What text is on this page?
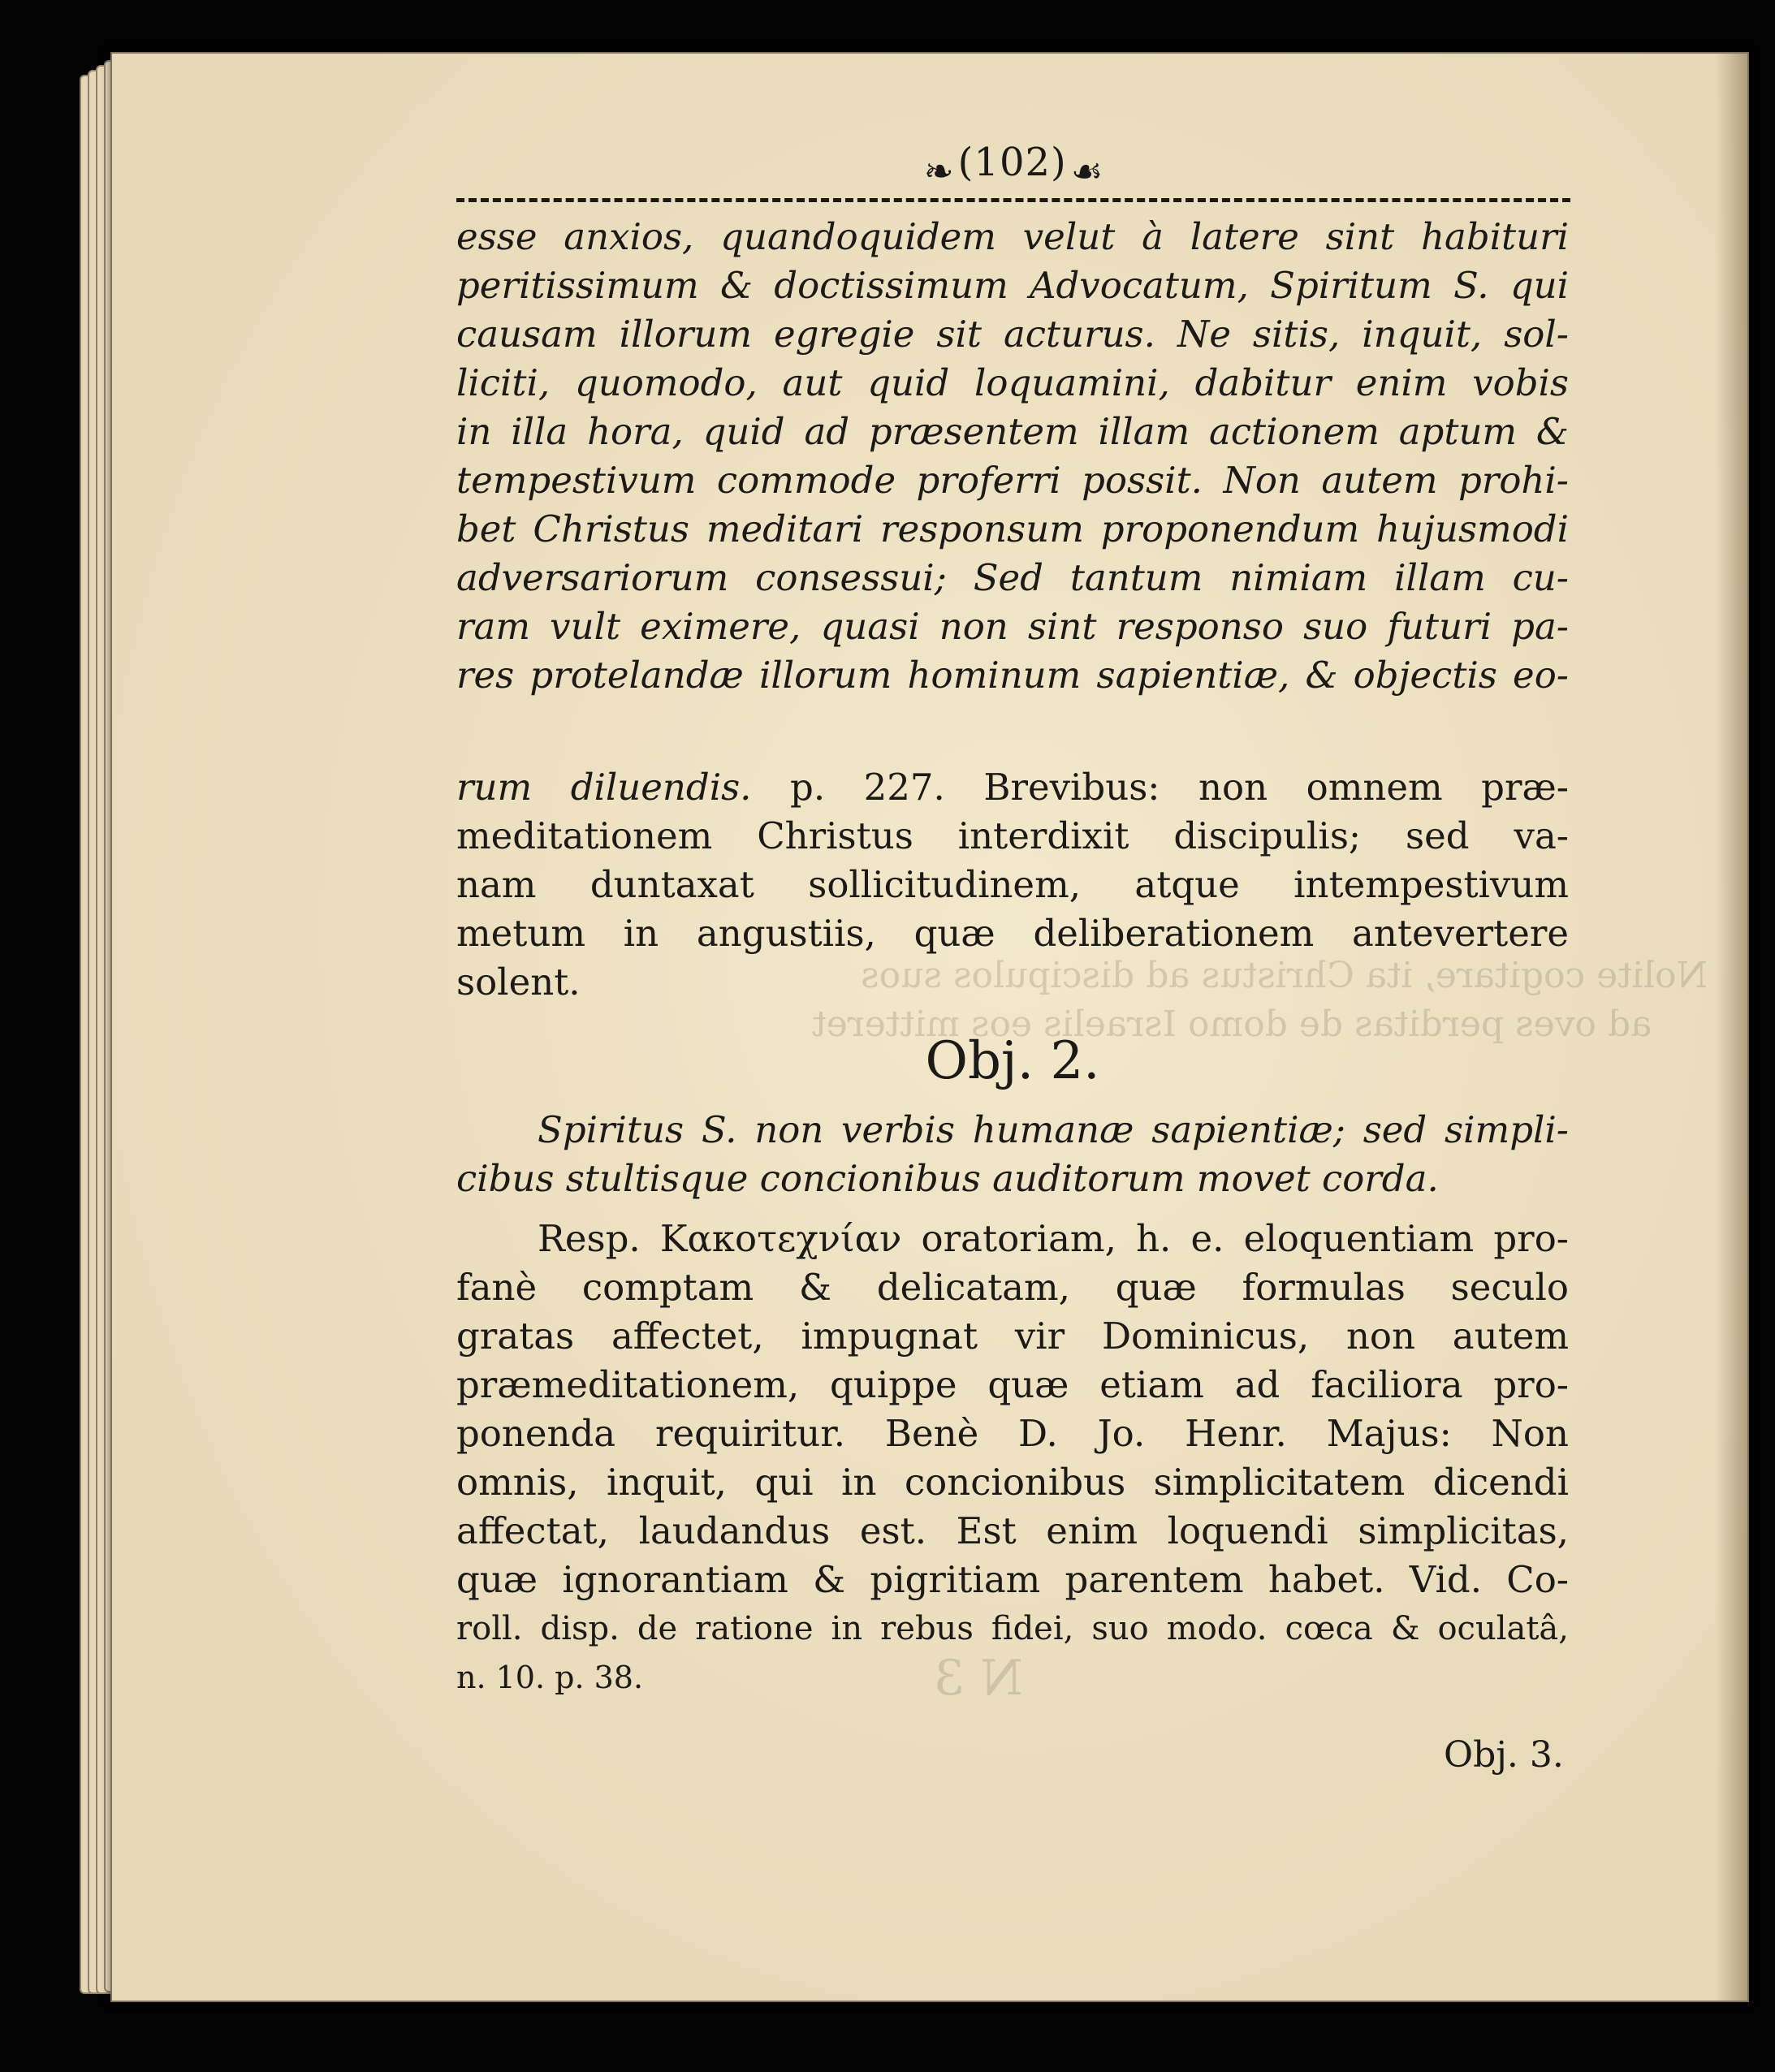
Nolite cogitare, ita Christus ad discipulos suos
ad oves perditas de domo Israelis eos mitteret
N 3
❧ (102) ☙
esse anxios, quandoquidem velut à latere sint habituri
peritissimum & doctissimum Advocatum, Spiritum S. qui
causam illorum egregie sit acturus. Ne sitis, inquit, sol-
liciti, quomodo, aut quid loquamini, dabitur enim vobis
in illa hora, quid ad præsentem illam actionem aptum &
tempestivum commode proferri possit. Non autem prohi-
bet Christus meditari responsum proponendum hujusmodi
adversariorum consessui; Sed tantum nimiam illam cu-
ram vult eximere, quasi non sint responso suo futuri pa-
res protelandæ illorum hominum sapientiæ, & objectis eo-
rum diluendis. p. 227. Brevibus: non omnem præ-
meditationem Christus interdixit discipulis; sed va-
nam duntaxat sollicitudinem, atque intempestivum
metum in angustiis, quæ deliberationem antevertere
solent.
Obj. 2.
Spiritus S. non verbis humanæ sapientiæ; sed simpli-
cibus stultisque concionibus auditorum movet corda.
Resp. Κακοτεχνίαν oratoriam, h. e. eloquentiam pro-
fanè comptam & delicatam, quæ formulas seculo
gratas affectet, impugnat vir Dominicus, non autem
præmeditationem, quippe quæ etiam ad faciliora pro-
ponenda requiritur. Benè D. Jo. Henr. Majus: Non
omnis, inquit, qui in concionibus simplicitatem dicendi
affectat, laudandus est. Est enim loquendi simplicitas,
quæ ignorantiam & pigritiam parentem habet. Vid. Co-
roll. disp. de ratione in rebus fidei, suo modo. cœca & oculatâ,
n. 10. p. 38.
Obj. 3.
